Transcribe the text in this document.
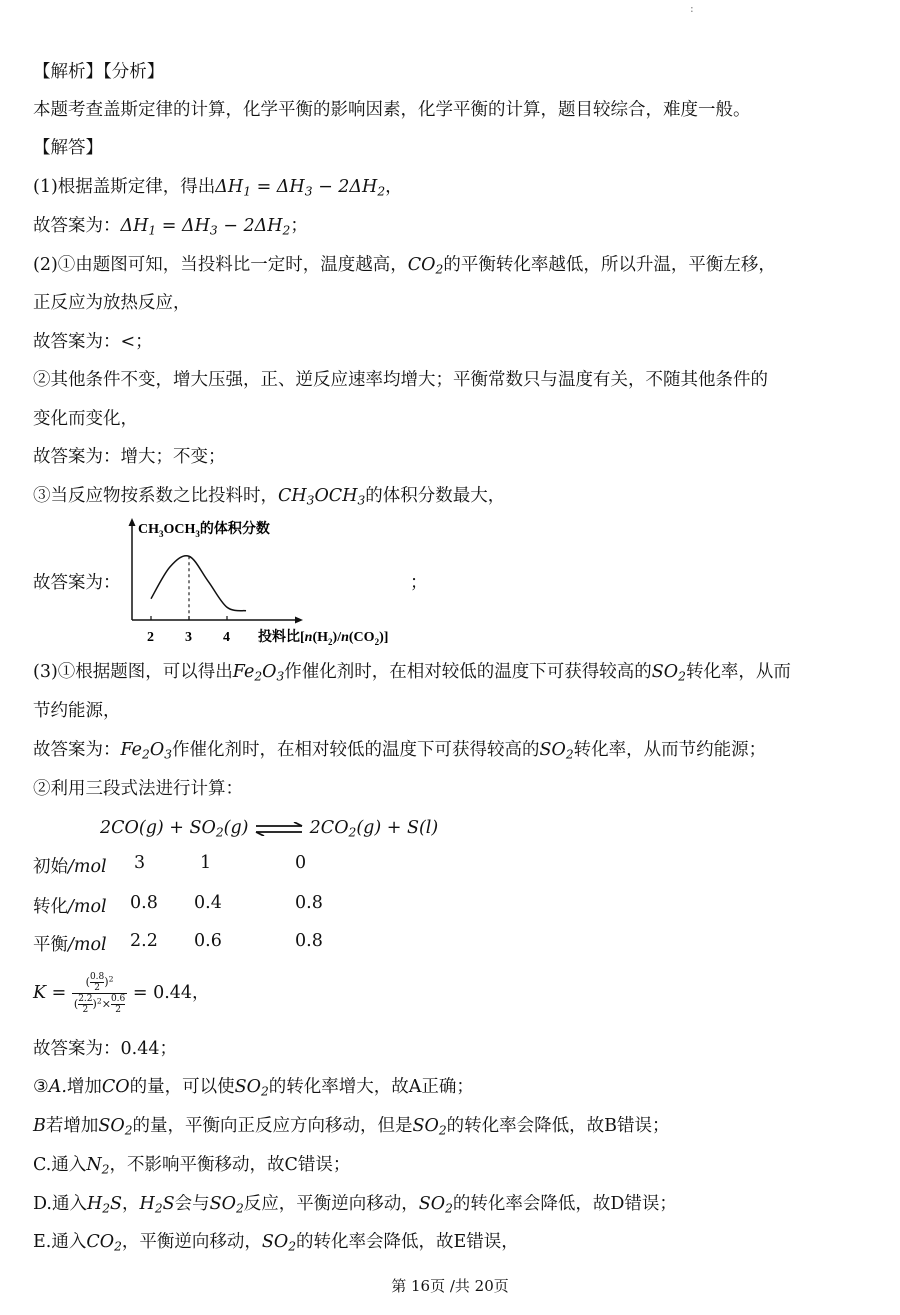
:
【解析】【分析】
本题考查盖斯定律的计算，化学平衡的影响因素，化学平衡的计算，题目较综合，难度一般。
【解答】
(1)根据盖斯定律，得出$\Delta H_1 = \Delta H_3 - 2\Delta H_2$，
故答案为：$\Delta H_1 = \Delta H_3 - 2\Delta H_2$；
(2)①由题图可知，当投料比一定时，温度越高，$CO_2$的平衡转化率越低，所以升温，平衡左移，
正反应为放热反应，
故答案为：<；
②其他条件不变，增大压强，正、逆反应速率均增大；平衡常数只与温度有关，不随其他条件的
变化而变化，
故答案为：增大；不变；
③当反应物按系数之比投料时，$CH_3OCH_3$的体积分数最大，
故答案为：	；
$CH_3OCH_3$的体积分数
2 3 4 投料比$[n(H_2)/n(CO_2)]$
(3)①根据题图，可以得出$Fe_2O_3$作催化剂时，在相对较低的温度下可获得较高的$SO_2$转化率，从而
节约能源，
故答案为：$Fe_2O_3$作催化剂时，在相对较低的温度下可获得较高的$SO_2$转化率，从而节约能源；
②利用三段式法进行计算：
$2CO(g) + SO_2(g)$ ⇌ $2CO_2(g) + S(l)$
初始/mol 3	1	0
转化/mol 0.8 0.4	0.8
平衡/mol 2.2 0.6	0.8
$K = \frac{( \frac{0.8}{2} )^2}{( \frac{2.2}{2} )^2\times \frac{0.6}{2}} = 0.44$，
故答案为：0.44；
③A.增加CO的量，可以使$SO_2$的转化率增大，故A正确；
B若增加$SO_2$的量，平衡向正反应方向移动，但是$SO_2$的转化率会降低，故B错误；
C.通入$N_2$，不影响平衡移动，故C错误；
D.通入$H_2S$，$H_2S$会与$SO_2$反应，平衡逆向移动，$SO_2$的转化率会降低，故D错误；
E.通入$CO_2$，平衡逆向移动，$SO_2$的转化率会降低，故E错误，
第 16页 /共 20页
